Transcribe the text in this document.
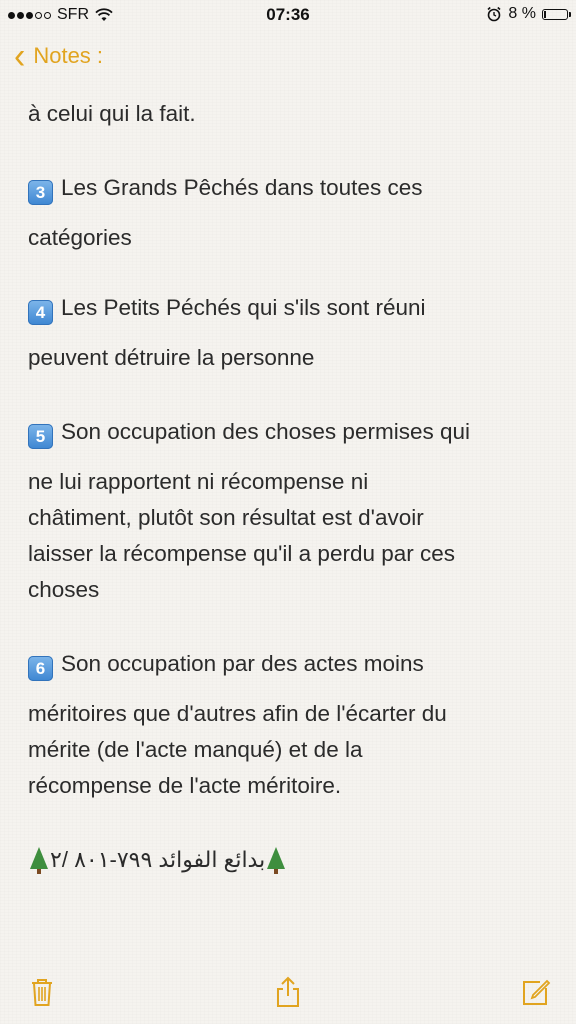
SFR	07:36	8 %
‹ Notes :
à celui qui la fait.
3 Les Grands Pêchés dans toutes ces
catégories
4 Les Petits Péchés qui s'ils sont réuni
peuvent détruire la personne
5 Son occupation des choses permises qui
ne lui rapportent ni récompense ni
châtiment, plutôt son résultat est d'avoir
laisser la récompense qu'il a perdu par ces
choses
6 Son occupation par des actes moins
méritoires que d'autres afin de l'écarter du
mérite (de l'acte manqué) et de la
récompense de l'acte méritoire.
بدائع الفوائد ٧٩٩-٨٠١ /٢
